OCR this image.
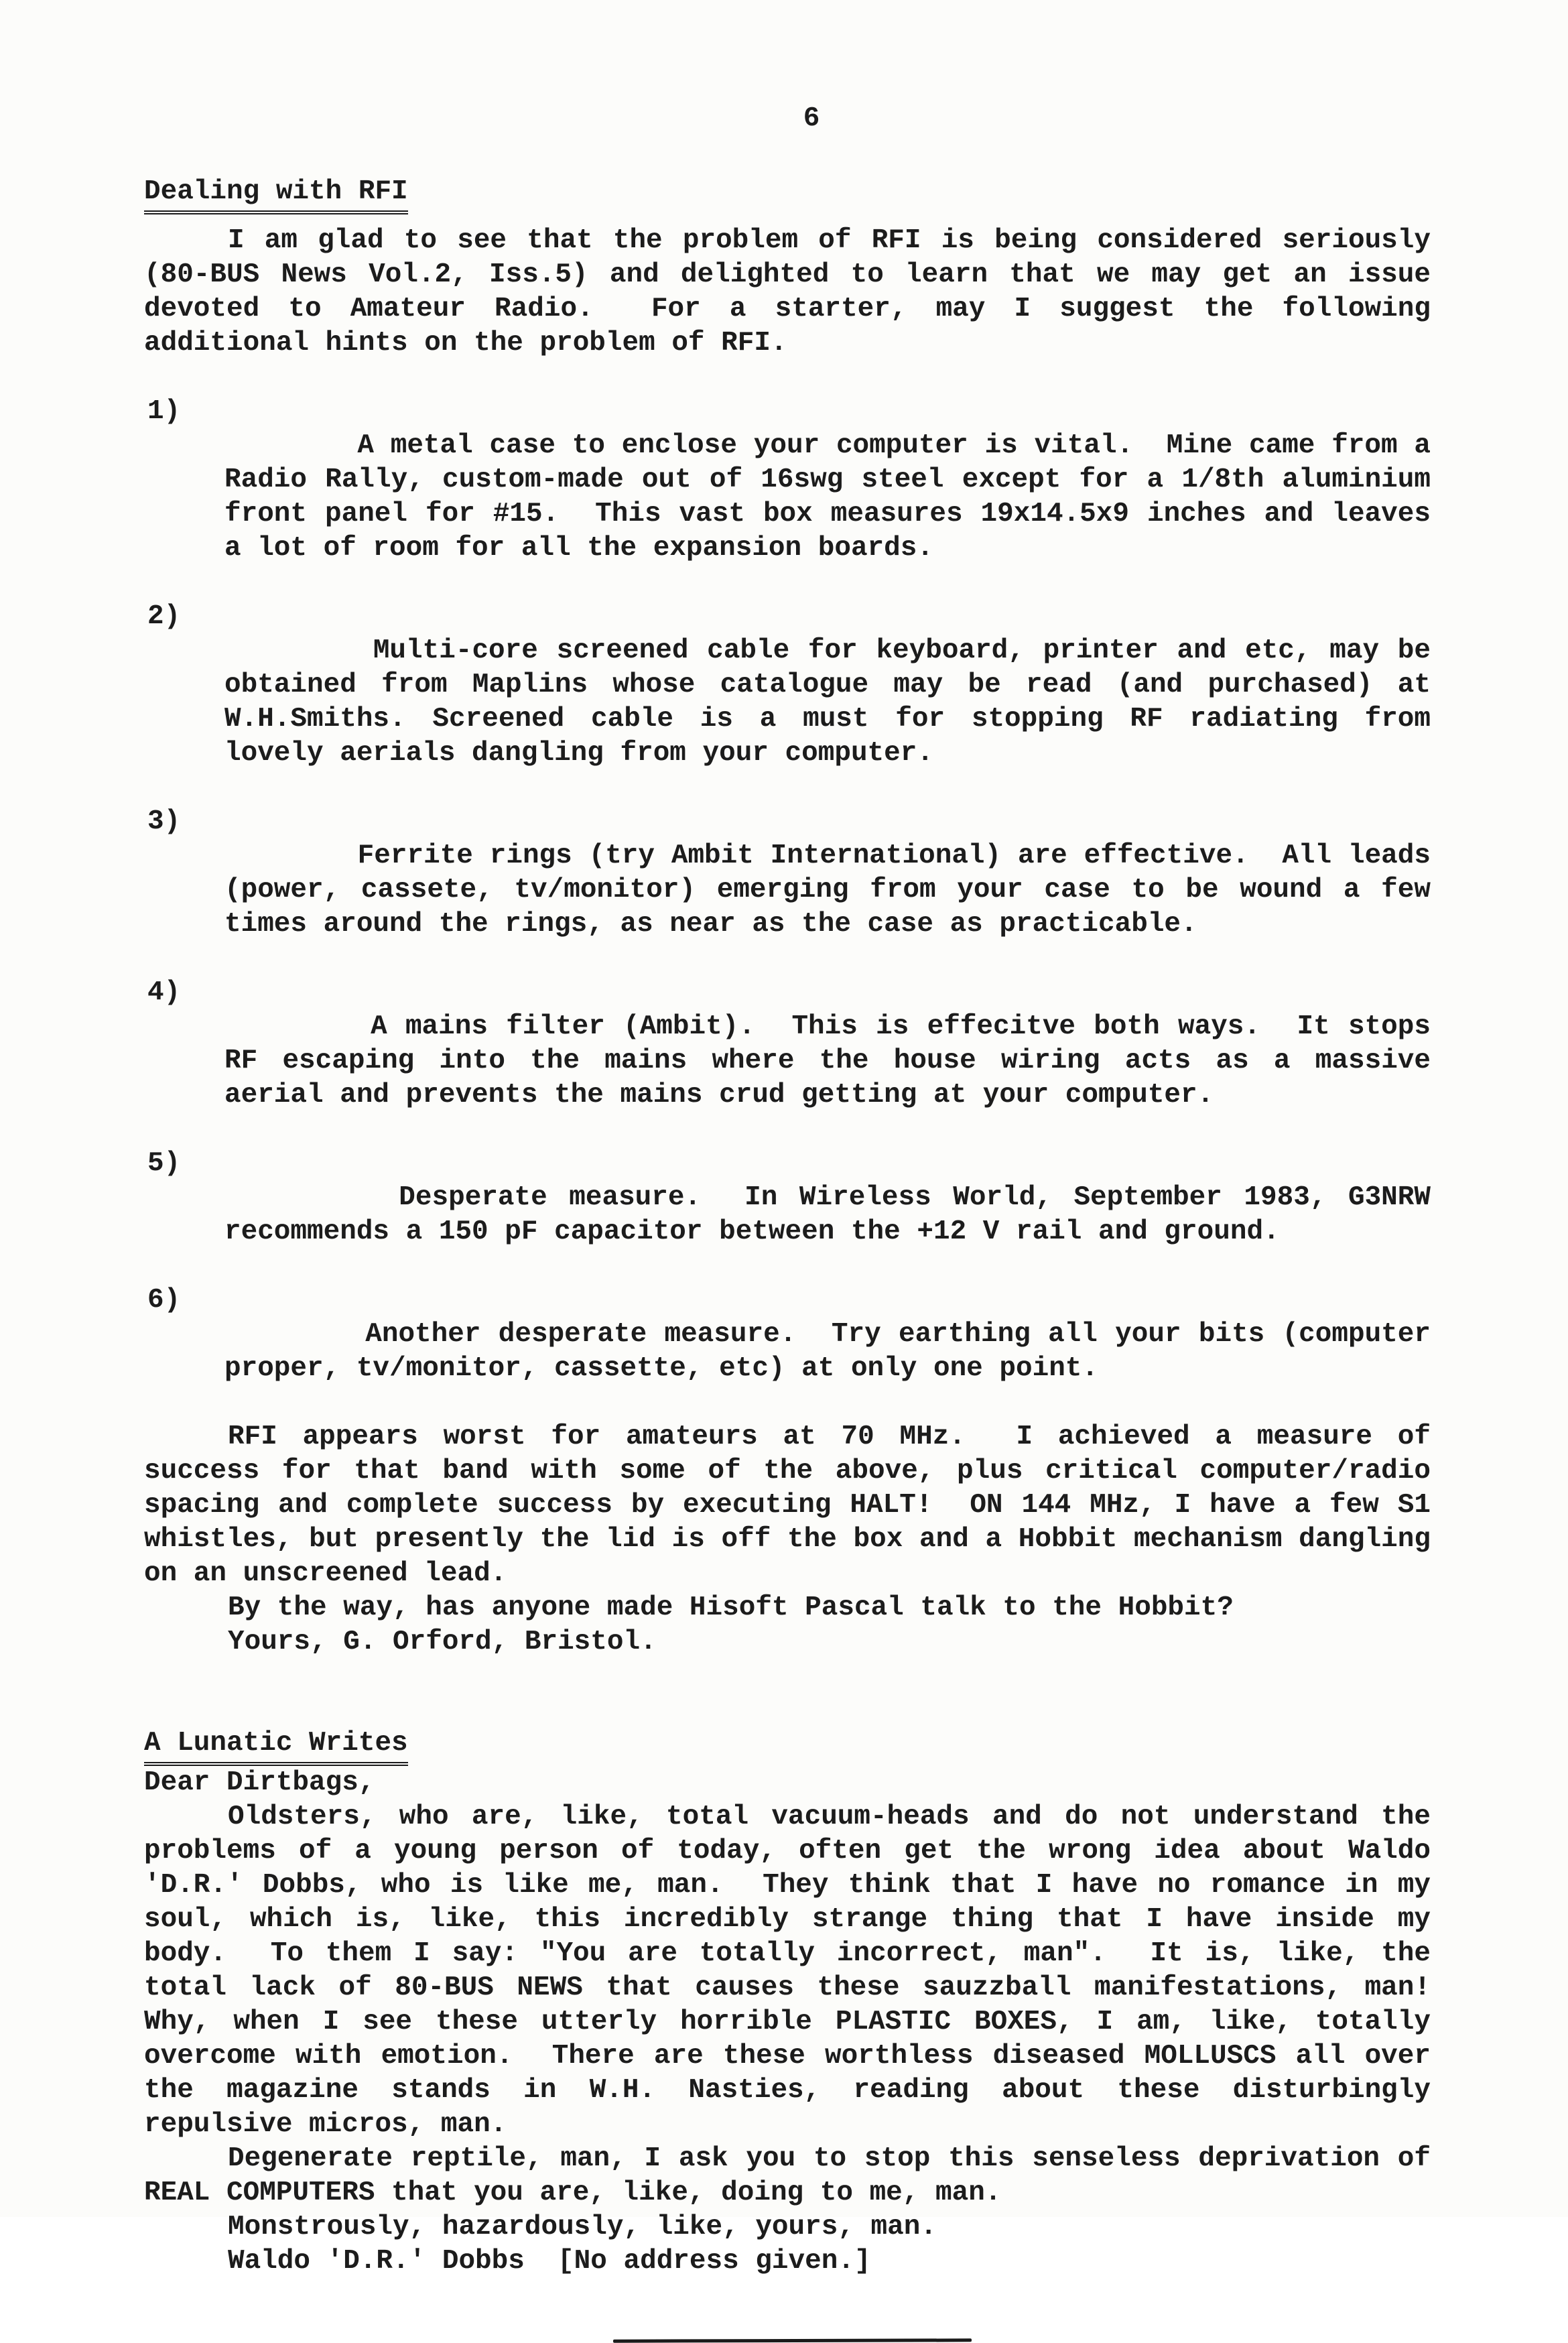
6
Dealing with RFI

I am glad to see that the problem of RFI is being considered seriously (80-BUS News Vol.2, Iss.5) and delighted to learn that we may get an issue devoted to Amateur Radio.  For a starter, may I suggest the following additional hints on the problem of RFI.

1)
A metal case to enclose your computer is vital.  Mine came from a Radio Rally, custom-made out of 16swg steel except for a 1/8th aluminium front panel for #15.  This vast box measures 19x14.5x9 inches and leaves a lot of room for all the expansion boards.

2)
Multi-core screened cable for keyboard, printer and etc, may be obtained from Maplins whose catalogue may be read (and purchased) at W.H.Smiths. Screened cable is a must for stopping RF radiating from lovely aerials dangling from your computer.

3)
Ferrite rings (try Ambit International) are effective.  All leads (power, cassete, tv/monitor) emerging from your case to be wound a few times around the rings, as near as the case as practicable.

4)
A mains filter (Ambit).  This is effecitve both ways.  It stops RF escaping into the mains where the house wiring acts as a massive aerial and prevents the mains crud getting at your computer.

5)
Desperate measure.  In Wireless World, September 1983, G3NRW recommends a 150 pF capacitor between the +12 V rail and ground.

6)
Another desperate measure.  Try earthing all your bits (computer proper, tv/monitor, cassette, etc) at only one point.

RFI appears worst for amateurs at 70 MHz.  I achieved a measure of success for that band with some of the above, plus critical computer/radio spacing and complete success by executing HALT!  ON 144 MHz, I have a few S1 whistles, but presently the lid is off the box and a Hobbit mechanism dangling on an unscreened lead.

By the way, has anyone made Hisoft Pascal talk to the Hobbit?

Yours, G. Orford, Bristol.

A Lunatic Writes

Dear Dirtbags,

Oldsters, who are, like, total vacuum-heads and do not understand the problems of a young person of today, often get the wrong idea about Waldo 'D.R.' Dobbs, who is like me, man.  They think that I have no romance in my soul, which is, like, this incredibly strange thing that I have inside my body.  To them I say: "You are totally incorrect, man".  It is, like, the total lack of 80-BUS NEWS that causes these sauzzball manifestations, man! Why, when I see these utterly horrible PLASTIC BOXES, I am, like, totally overcome with emotion.  There are these worthless diseased MOLLUSCS all over the magazine stands in W.H. Nasties, reading about these disturbingly repulsive micros, man.

Degenerate reptile, man, I ask you to stop this senseless deprivation of REAL COMPUTERS that you are, like, doing to me, man.

Monstrously, hazardously, like, yours, man.

Waldo 'D.R.' Dobbs  [No address given.]
